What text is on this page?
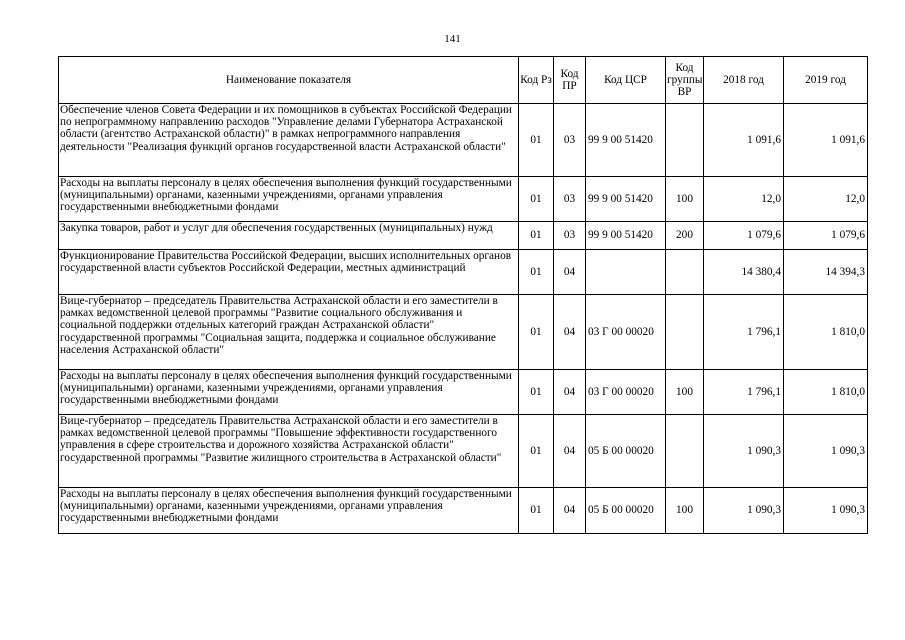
141
Наименование показателя	Код Рз	Код ПР	Код ЦСР	Код группы ВР	2018 год	2019 год
Обеспечение членов Совета Федерации и их помощников в субъектах Российской Федерации по непрограммному направлению расходов "Управление делами Губернатора Астраханской области (агентство Астраханской области)" в рамках непрограммного направления деятельности "Реализация функций органов государственной власти Астраханской области"	01	03	99 9 00 51420		1 091,6	1 091,6
Расходы на выплаты персоналу в целях обеспечения выполнения функций государственными (муниципальными) органами, казенными учреждениями, органами управления государственными внебюджетными фондами	01	03	99 9 00 51420	100	12,0	12,0
Закупка товаров, работ и услуг для обеспечения государственных (муниципальных) нужд	01	03	99 9 00 51420	200	1 079,6	1 079,6
Функционирование Правительства Российской Федерации, высших исполнительных органов государственной власти субъектов Российской Федерации, местных администраций	01	04			14 380,4	14 394,3
Вице-губернатор – председатель Правительства Астраханской области и его заместители в рамках ведомственной целевой программы "Развитие социального обслуживания и социальной поддержки отдельных категорий граждан Астраханской области" государственной программы "Социальная защита, поддержка и социальное обслуживание населения Астраханской области"	01	04	03 Г 00 00020		1 796,1	1 810,0
Расходы на выплаты персоналу в целях обеспечения выполнения функций государственными (муниципальными) органами, казенными учреждениями, органами управления государственными внебюджетными фондами	01	04	03 Г 00 00020	100	1 796,1	1 810,0
Вице-губернатор – председатель Правительства Астраханской области и его заместители в рамках ведомственной целевой программы "Повышение эффективности государственного управления в сфере строительства и дорожного хозяйства Астраханской области" государственной программы "Развитие жилищного строительства в Астраханской области"	01	04	05 Б 00 00020		1 090,3	1 090,3
Расходы на выплаты персоналу в целях обеспечения выполнения функций государственными (муниципальными) органами, казенными учреждениями, органами управления государственными внебюджетными фондами	01	04	05 Б 00 00020	100	1 090,3	1 090,3
